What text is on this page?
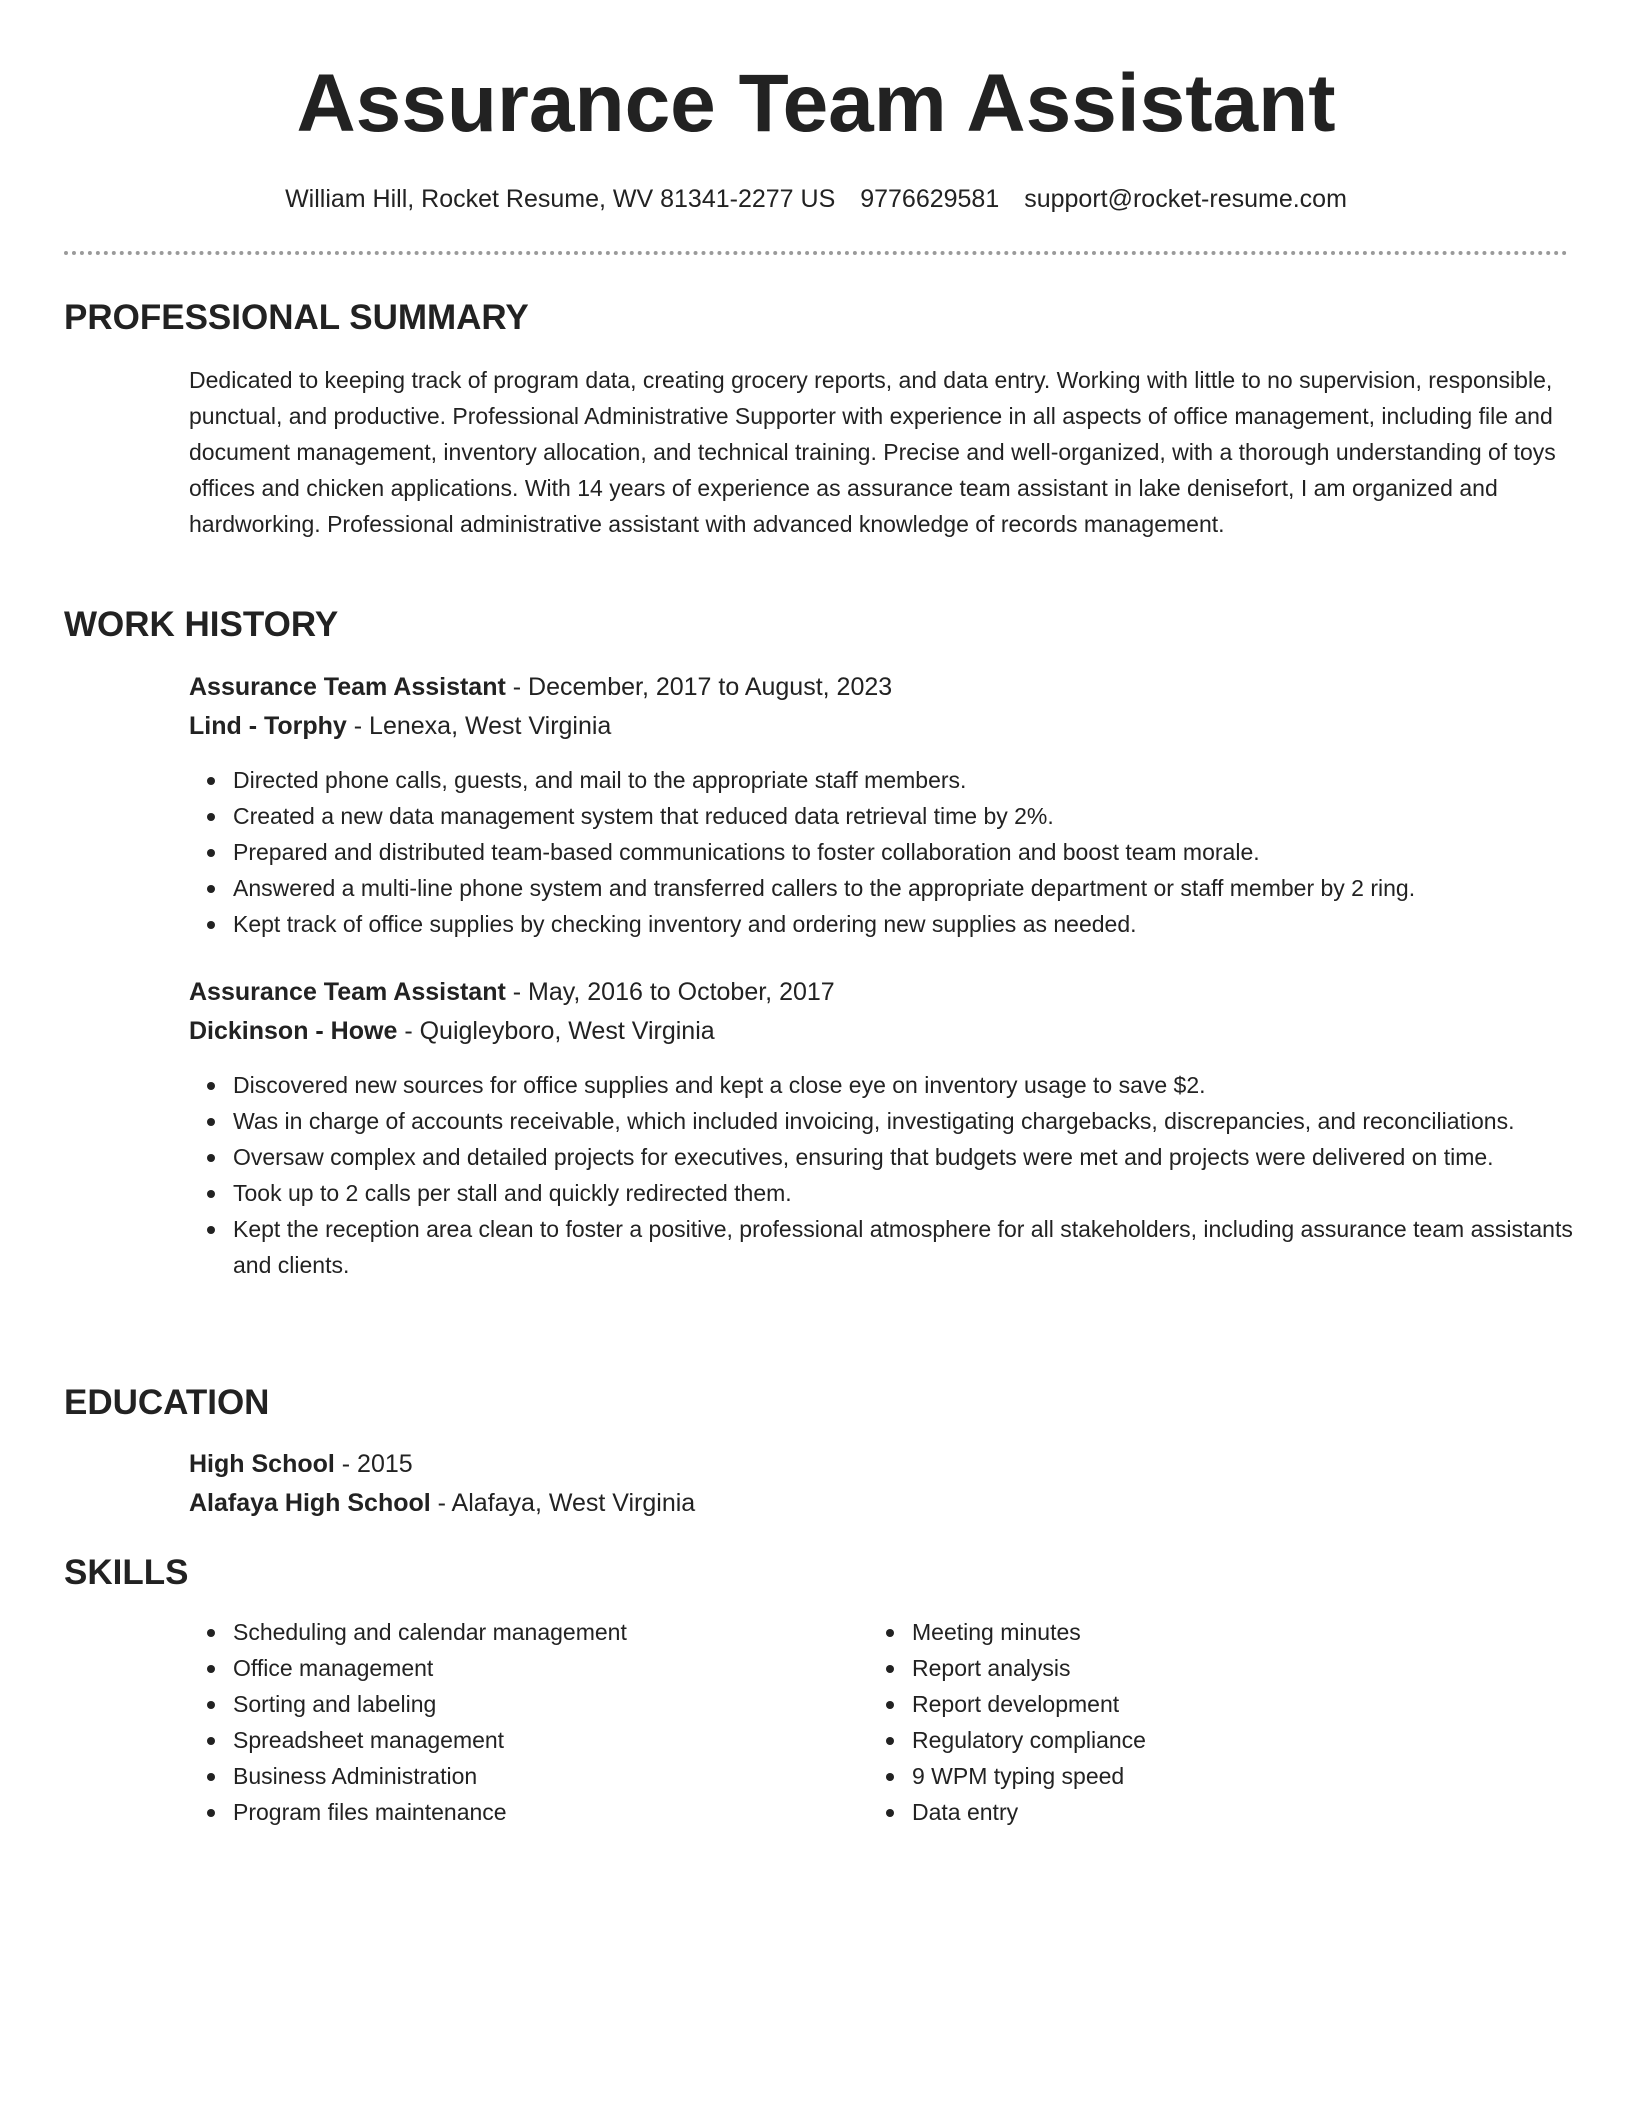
Assurance Team Assistant
William Hill, Rocket Resume, WV 81341-2277 US 9776629581 support@rocket-resume.com
PROFESSIONAL SUMMARY

Dedicated to keeping track of program data, creating grocery reports, and data entry. Working with little to no supervision, responsible, punctual, and productive. Professional Administrative Supporter with experience in all aspects of office management, including file and document management, inventory allocation, and technical training. Precise and well-organized, with a thorough understanding of toys offices and chicken applications. With 14 years of experience as assurance team assistant in lake denisefort, I am organized and hardworking. Professional administrative assistant with advanced knowledge of records management.

WORK HISTORY
Assurance Team Assistant - December, 2017 to August, 2023
Lind - Torphy - Lenexa, West Virginia
Directed phone calls, guests, and mail to the appropriate staff members.
Created a new data management system that reduced data retrieval time by 2%.
Prepared and distributed team-based communications to foster collaboration and boost team morale.
Answered a multi-line phone system and transferred callers to the appropriate department or staff member by 2 ring.
Kept track of office supplies by checking inventory and ordering new supplies as needed.
Assurance Team Assistant - May, 2016 to October, 2017
Dickinson - Howe - Quigleyboro, West Virginia
Discovered new sources for office supplies and kept a close eye on inventory usage to save $2.
Was in charge of accounts receivable, which included invoicing, investigating chargebacks, discrepancies, and reconciliations.
Oversaw complex and detailed projects for executives, ensuring that budgets were met and projects were delivered on time.
Took up to 2 calls per stall and quickly redirected them.
Kept the reception area clean to foster a positive, professional atmosphere for all stakeholders, including assurance team assistants and clients.
EDUCATION
High School - 2015
Alafaya High School - Alafaya, West Virginia
SKILLS
Scheduling and calendar management
Office management
Sorting and labeling
Spreadsheet management
Business Administration
Program files maintenance
Meeting minutes
Report analysis
Report development
Regulatory compliance
9 WPM typing speed
Data entry
